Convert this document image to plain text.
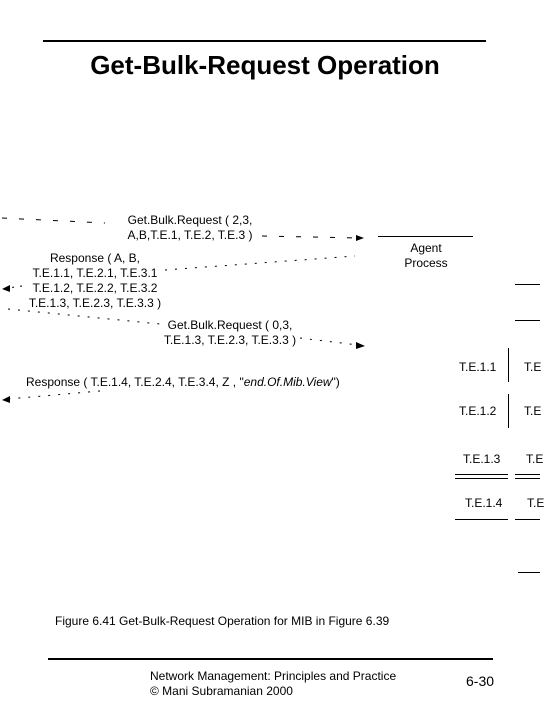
Get-Bulk-Request Operation
Get.Bulk.Request ( 2,3,
A,B,T.E.1, T.E.2, T.E.3 )
Agent
Process
Response ( A, B,
T.E.1.1, T.E.2.1, T.E.3.1
T.E.1.2, T.E.2.2, T.E.3.2
T.E.1.3, T.E.2.3, T.E.3.3 )
Get.Bulk.Request ( 0,3,
T.E.1.3, T.E.2.3, T.E.3.3 )
Response ( T.E.1.4, T.E.2.4, T.E.3.4, Z , "end.Of.Mib.View")
T.E.1.1 T.E
T.E.1.2 T.E
T.E.1.3 T.E
T.E.1.4 T.E
Figure 6.41 Get-Bulk-Request Operation for MIB in Figure 6.39
Network Management: Principles and Practice
© Mani Subramanian 2000
6-30
